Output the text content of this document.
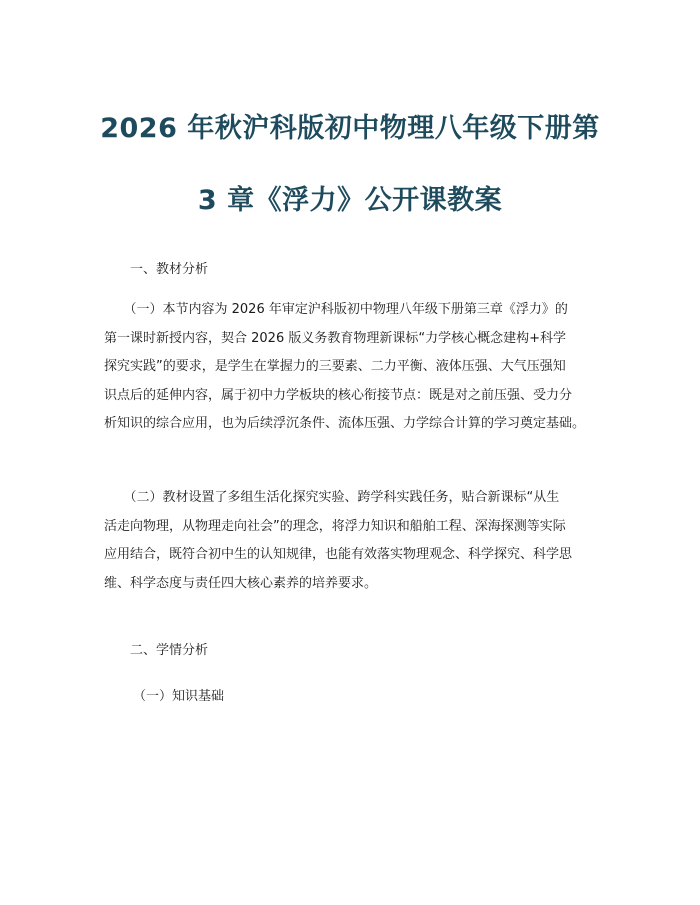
2026 年秋沪科版初中物理八年级下册第
3 章《浮力》公开课教案
一、教材分析
　　（一）本节内容为 2026 年审定沪科版初中物理八年级下册第三章《浮力》的
第一课时新授内容，契合 2026 版义务教育物理新课标“力学核心概念建构+科学
探究实践”的要求，是学生在掌握力的三要素、二力平衡、液体压强、大气压强知
识点后的延伸内容，属于初中力学板块的核心衔接节点：既是对之前压强、受力分
析知识的综合应用，也为后续浮沉条件、流体压强、力学综合计算的学习奠定基础。
　　（二）教材设置了多组生活化探究实验、跨学科实践任务，贴合新课标“从生
活走向物理，从物理走向社会”的理念，将浮力知识和船舶工程、深海探测等实际
应用结合，既符合初中生的认知规律，也能有效落实物理观念、科学探究、科学思
维、科学态度与责任四大核心素养的培养要求。
二、学情分析
（一）知识基础
